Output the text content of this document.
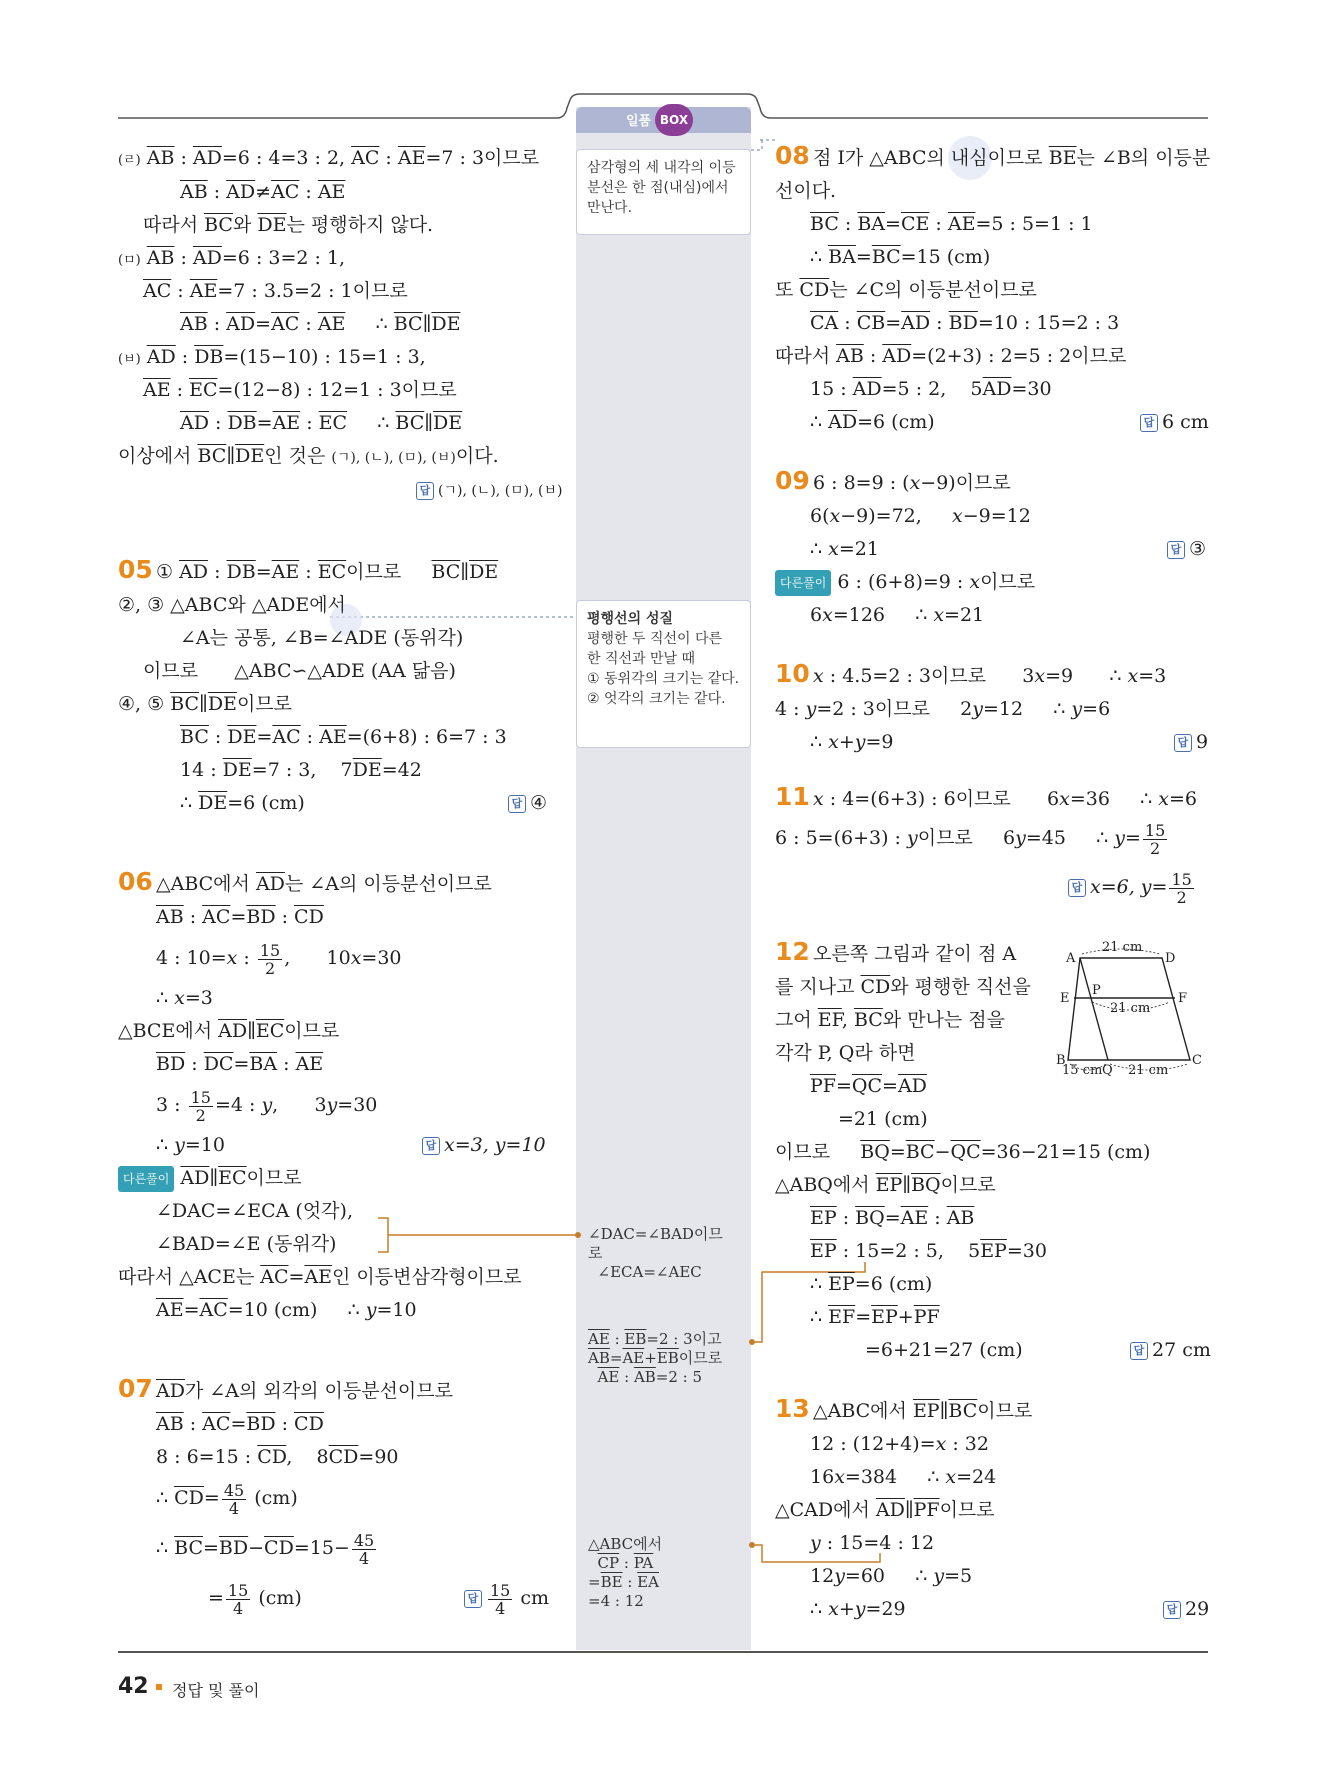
일품 BOX
삼각형의 세 내각의 이등분선은 한 점(내심)에서 만난다.
평행선의 성질
평행한 두 직선이 다른 한 직선과 만날 때
① 동위각의 크기는 같다.
② 엇각의 크기는 같다.
∠DAC=∠BAD이므
로
∠ECA=∠AEC
$\overline{AE}$ : $\overline{EB}=2$ : 3이고
$\overline{AB}=\overline{AE}+\overline{EB}$이므로
$\overline{AE}$ : $\overline{AB}=2$ : 5
△ABC에서
$\overline{CP}$ : $\overline{PA}$
$=\overline{BE}$ : $\overline{EA}$
=4 : 12
(ㄹ) $\overline{AB}$ : $\overline{AD}=6$ : 4=3 : 2, $\overline{AC}$ : $\overline{AE}=7$ : 3이므로
$\overline{AB}$ : $\overline{AD}\ne\overline{AC}$ : $\overline{AE}$
따라서 $\overline{BC}$와 $\overline{DE}$는 평행하지 않다.
(ㅁ) $\overline{AB}$ : $\overline{AD}=6$ : 3=2 : 1,
$\overline{AC}$ : $\overline{AE}=7$ : 3.5=2 : 1이므로
$\overline{AB}$ : $\overline{AD}=\overline{AC}$ : $\overline{AE}$     ∴ $\overline{BC}\parallel\overline{DE}$
(ㅂ) $\overline{AD}$ : $\overline{DB}=(15-10)$ : 15=1 : 3,
$\overline{AE}$ : $\overline{EC}=(12-8)$ : 12=1 : 3이므로
$\overline{AD}$ : $\overline{DB}=\overline{AE}$ : $\overline{EC}$     ∴ $\overline{BC}\parallel\overline{DE}$
이상에서 $\overline{BC}\parallel\overline{DE}$인 것은 (ㄱ), (ㄴ), (ㅁ), (ㅂ)이다.
답 (ㄱ), (ㄴ), (ㅁ), (ㅂ)
05 ① $\overline{AD}$ : $\overline{DB}=\overline{AE}$ : $\overline{EC}$이므로     $\overline{BC}\parallel\overline{DE}$
②, ③ △ABC와 △ADE에서
∠A는 공통, ∠B=∠ADE (동위각)
이므로      △ABC∽△ADE (AA 닮음)
④, ⑤ $\overline{BC}\parallel\overline{DE}$이므로
$\overline{BC}$ : $\overline{DE}=\overline{AC}$ : $\overline{AE}=(6+8)$ : 6=7 : 3
14 : $\overline{DE}=7$ : 3,    $7\overline{DE}=42$
∴ $\overline{DE}=6$ (cm)	답 ④
06 △ABC에서 $\overline{AD}$는 ∠A의 이등분선이므로
$\overline{AB}$ : $\overline{AC}=\overline{BD}$ : $\overline{CD}$
4 : 10=x : $\frac{15}{2}$ ,      10x=30
∴ x=3
△BCE에서 $\overline{AD}\parallel\overline{EC}$이므로
$\overline{BD}$ : $\overline{DC}=\overline{BA}$ : $\overline{AE}$
3 : $\frac{15}{2} =4$ : y,      3y=30
∴ y=10	답 x=3, y=10
다른풀이 $\overline{AD}\parallel\overline{EC}$이므로
∠DAC=∠ECA (엇각),
∠BAD=∠E (동위각)
따라서 △ACE는 $\overline{AC}=\overline{AE}$인 이등변삼각형이므로
$\overline{AE}=\overline{AC}=10$ (cm)     ∴ y=10
07 $\overline{AD}$가 ∠A의 외각의 이등분선이므로
$\overline{AB}$ : $\overline{AC}=\overline{BD}$ : $\overline{CD}$
8 : 6=15 : $\overline{CD}$,    $8\overline{CD}=90$
∴ $\overline{CD}= \frac{45}{4} (cm)$
∴ $\overline{BC}=\overline{BD}-\overline{CD}=15- \frac{45}{4}$
= $\frac{15}{4} (cm)$	답 $\frac{15}{4}$ cm
08 점 I가 △ABC의 내심이므로 $\overline{BE}$는 ∠B의 이등분
선이다.
$\overline{BC}$ : $\overline{BA}=\overline{CE}$ : $\overline{AE}=5$ : 5=1 : 1
∴ $\overline{BA}=\overline{BC}=15$ (cm)
또 $\overline{CD}$는 ∠C의 이등분선이므로
$\overline{CA}$ : $\overline{CB}=\overline{AD}$ : $\overline{BD}=10$ : 15=2 : 3
따라서 $\overline{AB}$ : $\overline{AD}=(2+3)$ : 2=5 : 2이므로
15 : $\overline{AD}=5$ : 2,    $5\overline{AD}=30$
∴ $\overline{AD}=6$ (cm)	답 6 cm
09 6 : 8=9 : (x−9)이므로
6(x−9)=72,     x−9=12
∴ x=21	답 ③
다른풀이 6 : (6+8)=9 : x이므로
6x=126     ∴ x=21
10 x : 4.5=2 : 3이므로      3x=9      ∴ x=3
4 : y=2 : 3이므로     2y=12     ∴ y=6
∴ x+y=9	답 9
11 x : 4=(6+3) : 6이므로      6x=36     ∴ x=6
6 : 5=(6+3) : y이므로     6y=45     ∴ $y= \frac{15}{2}$
답 x=6, $y= \frac{15}{2}$
12 오른쪽 그림과 같이 점 A
를 지나고 $\overline{CD}$와 평행한 직선을
그어 $\overline{EF}$, $\overline{BC}$와 만나는 점을
각각 P, Q라 하면
$\overline{PF}=\overline{QC}=\overline{AD}$
=21 (cm)
이므로     $\overline{BQ}=\overline{BC}-\overline{QC}=36-21=15$ (cm)
△ABQ에서 $\overline{EP}\parallel\overline{BQ}$이므로
$\overline{EP}$ : $\overline{BQ}=\overline{AE}$ : $\overline{AB}$
$\overline{EP}$ : 15=2 : 5,    $5\overline{EP}=30$
∴ $\overline{EP}=6$ (cm)
∴ $\overline{EF}=\overline{EP}+\overline{PF}$
=6+21=27 (cm)	답 27 cm
21 cm
21 cm
15 cm 21 cm
A	D
E	F
P
B
Q
C
13 △ABC에서 $\overline{EP}\parallel\overline{BC}$이므로
12 : (12+4)=x : 32
16x=384     ∴ x=24
△CAD에서 $\overline{AD}\parallel\overline{PF}$이므로
y : 15=4 : 12
12y=60     ∴ y=5
∴ x+y=29	답 29
42 정답 및 풀이
